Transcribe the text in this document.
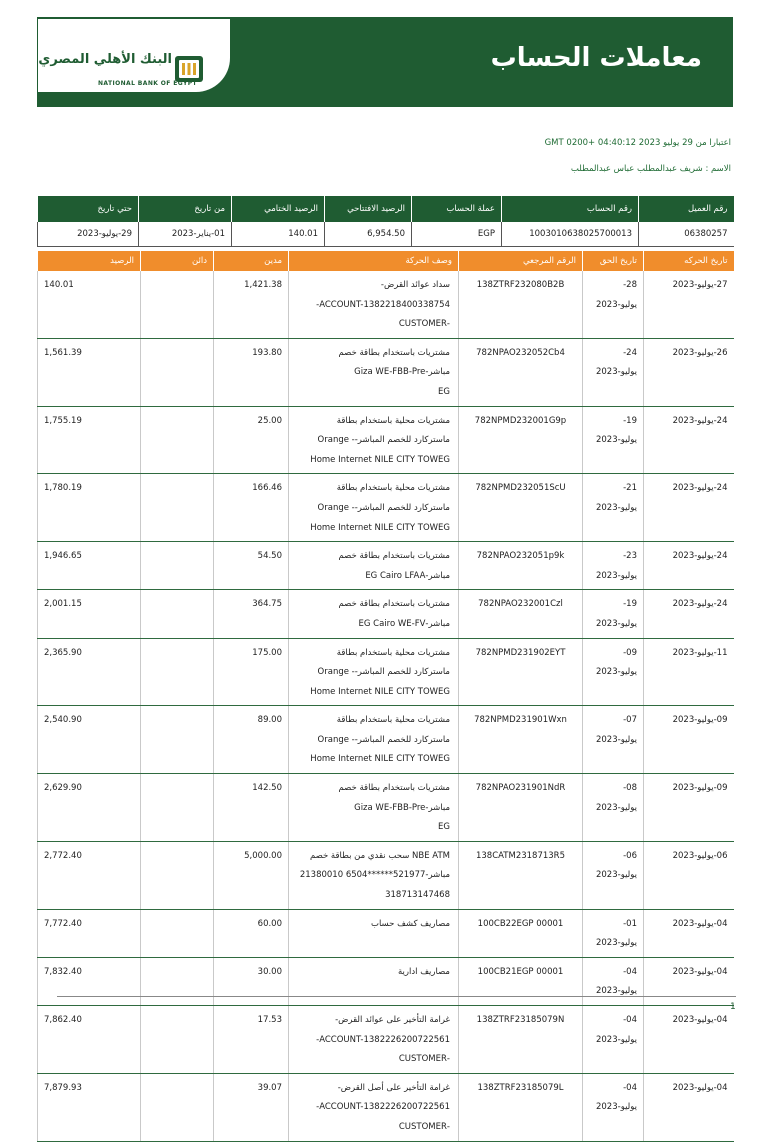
البنك الأهلي المصري
NATIONAL BANK OF EGYPT
معاملات الحساب
اعتبارا من 29 يوليو 2023 04:40:12 +0200 GMT
الاسم : شريف عبدالمطلب عباس عبدالمطلب
رقم العميل	رقم الحساب	عملة الحساب	الرصيد الافتتاحي	الرصيد الختامي	من تاريخ	حتي تاريخ
06380257	1003010638025700013	EGP	6,954.50	140.01	01-يناير-2023	29-يوليو-2023
تاريخ الحركه	تاريخ الحق	الرقم المرجعي	وصف الحركة	مدين	دائن	الرصيد
27-يوليو-2023	28-يوليو-2023	138ZTRF232080B2B	سداد عوائد القرض-
ACCOUNT-1382218400338754-
-CUSTOMER	1,421.38		140.01
26-يوليو-2023	24-يوليو-2023	782NPAO232052Cb4	مشتريات باستخدام بطاقة خصم
مباشر-Giza WE-FBB-Pre
EG	193.80		1,561.39
24-يوليو-2023	19-يوليو-2023	782NPMD232001G9p	مشتريات محلية باستخدام بطاقة
ماستركارد للخصم المباشر-- Orange
Home Internet NILE CITY TOWEG	25.00		1,755.19
24-يوليو-2023	21-يوليو-2023	782NPMD232051ScU	مشتريات محلية باستخدام بطاقة
ماستركارد للخصم المباشر-- Orange
Home Internet NILE CITY TOWEG	166.46		1,780.19
24-يوليو-2023	23-يوليو-2023	782NPAO232051p9k	مشتريات باستخدام بطاقة خصم
مباشر-EG Cairo LFAA	54.50		1,946.65
24-يوليو-2023	19-يوليو-2023	782NPAO232001Czl	مشتريات باستخدام بطاقة خصم
مباشر-EG Cairo WE-FV	364.75		2,001.15
11-يوليو-2023	09-يوليو-2023	782NPMD231902EYT	مشتريات محلية باستخدام بطاقة
ماستركارد للخصم المباشر-- Orange
Home Internet NILE CITY TOWEG	175.00		2,365.90
09-يوليو-2023	07-يوليو-2023	782NPMD231901Wxn	مشتريات محلية باستخدام بطاقة
ماستركارد للخصم المباشر-- Orange
Home Internet NILE CITY TOWEG	89.00		2,540.90
09-يوليو-2023	08-يوليو-2023	782NPAO231901NdR	مشتريات باستخدام بطاقة خصم
مباشر-Giza WE-FBB-Pre
EG	142.50		2,629.90
06-يوليو-2023	06-يوليو-2023	138CATM2318713R5	NBE ATM سحب نقدي من بطاقة خصم
مباشر-521977******6504 21380010
318713147468	5,000.00		2,772.40
04-يوليو-2023	01-يوليو-2023	100CB22EGP 00001	مصاريف كشف حساب	60.00		7,772.40
04-يوليو-2023	04-يوليو-2023	100CB21EGP 00001	مصاريف ادارية	30.00		7,832.40
04-يوليو-2023	04-يوليو-2023	138ZTRF23185079N	غرامة التأخير على عوائد القرض-
ACCOUNT-1382226200722561-
-CUSTOMER	17.53		7,862.40
04-يوليو-2023	04-يوليو-2023	138ZTRF23185079L	غرامة التأخير على أصل القرض-
ACCOUNT-1382226200722561-
-CUSTOMER	39.07		7,879.93
1
